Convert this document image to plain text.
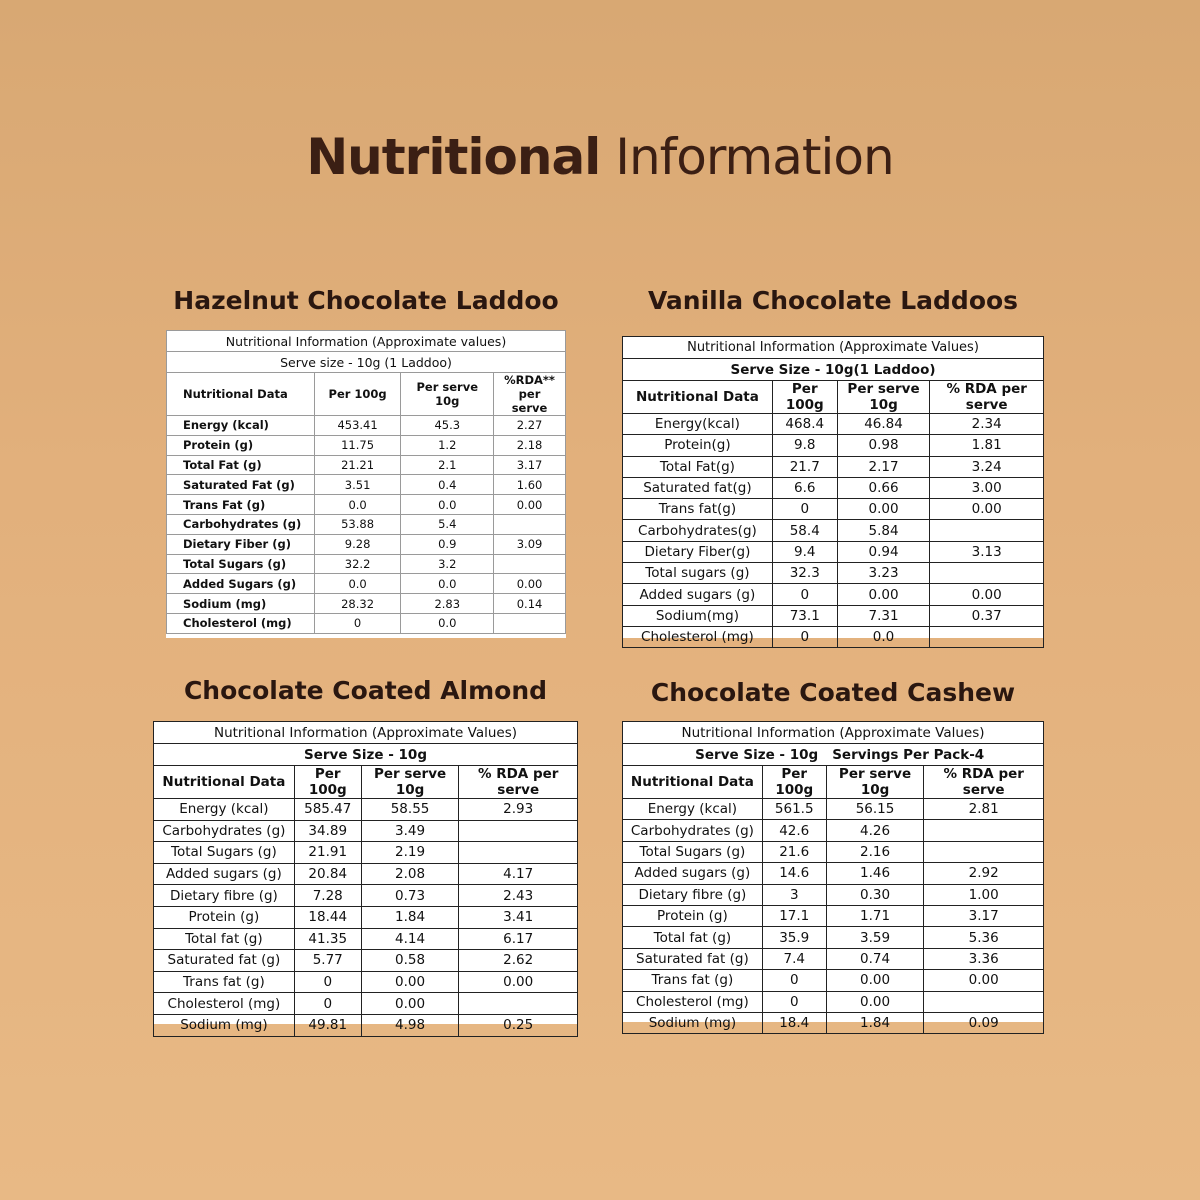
Nutritional Information
Hazelnut Chocolate Laddoo
Nutritional Information (Approximate values)			
Serve size - 10g (1 Laddoo)			
Nutritional Data	Per 100g	Per serve 10g	%RDA** per serve
Energy (kcal)	453.41	45.3	2.27
Protein (g)	11.75	1.2	2.18
Total Fat (g)	21.21	2.1	3.17
Saturated Fat (g)	3.51	0.4	1.60
Trans Fat (g)	0.0	0.0	0.00
Carbohydrates (g)	53.88	5.4	
Dietary Fiber (g)	9.28	0.9	3.09
Total Sugars (g)	32.2	3.2	
Added Sugars (g)	0.0	0.0	0.00
Sodium (mg)	28.32	2.83	0.14
Cholesterol (mg)	0	0.0	
Vanilla Chocolate Laddoos
Nutritional Information (Approximate Values)			
Serve Size - 10g(1 Laddoo)			
Nutritional Data	Per 100g	Per serve 10g	% RDA per serve
Energy(kcal)	468.4	46.84	2.34
Protein(g)	9.8	0.98	1.81
Total Fat(g)	21.7	2.17	3.24
Saturated fat(g)	6.6	0.66	3.00
Trans fat(g)	0	0.00	0.00
Carbohydrates(g)	58.4	5.84	
Dietary Fiber(g)	9.4	0.94	3.13
Total sugars (g)	32.3	3.23	
Added sugars (g)	0	0.00	0.00
Sodium(mg)	73.1	7.31	0.37
Cholesterol (mg)	0	0.0	
Chocolate Coated Almond
Nutritional Information (Approximate Values)			
Serve Size - 10g			
Nutritional Data	Per 100g	Per serve 10g	% RDA per serve
Energy (kcal)	585.47	58.55	2.93
Carbohydrates (g)	34.89	3.49	
Total Sugars (g)	21.91	2.19	
Added sugars (g)	20.84	2.08	4.17
Dietary fibre (g)	7.28	0.73	2.43
Protein (g)	18.44	1.84	3.41
Total fat (g)	41.35	4.14	6.17
Saturated fat (g)	5.77	0.58	2.62
Trans fat (g)	0	0.00	0.00
Cholesterol (mg)	0	0.00	
Sodium (mg)	49.81	4.98	0.25
Chocolate Coated Cashew
Nutritional Information (Approximate Values)			
Serve Size - 10g		Servings Per Pack-4	
Nutritional Data	Per 100g	Per serve 10g	% RDA per serve
Energy (kcal)	561.5	56.15	2.81
Carbohydrates (g)	42.6	4.26	
Total Sugars (g)	21.6	2.16	
Added sugars (g)	14.6	1.46	2.92
Dietary fibre (g)	3	0.30	1.00
Protein (g)	17.1	1.71	3.17
Total fat (g)	35.9	3.59	5.36
Saturated fat (g)	7.4	0.74	3.36
Trans fat (g)	0	0.00	0.00
Cholesterol (mg)	0	0.00	
Sodium (mg)	18.4	1.84	0.09
